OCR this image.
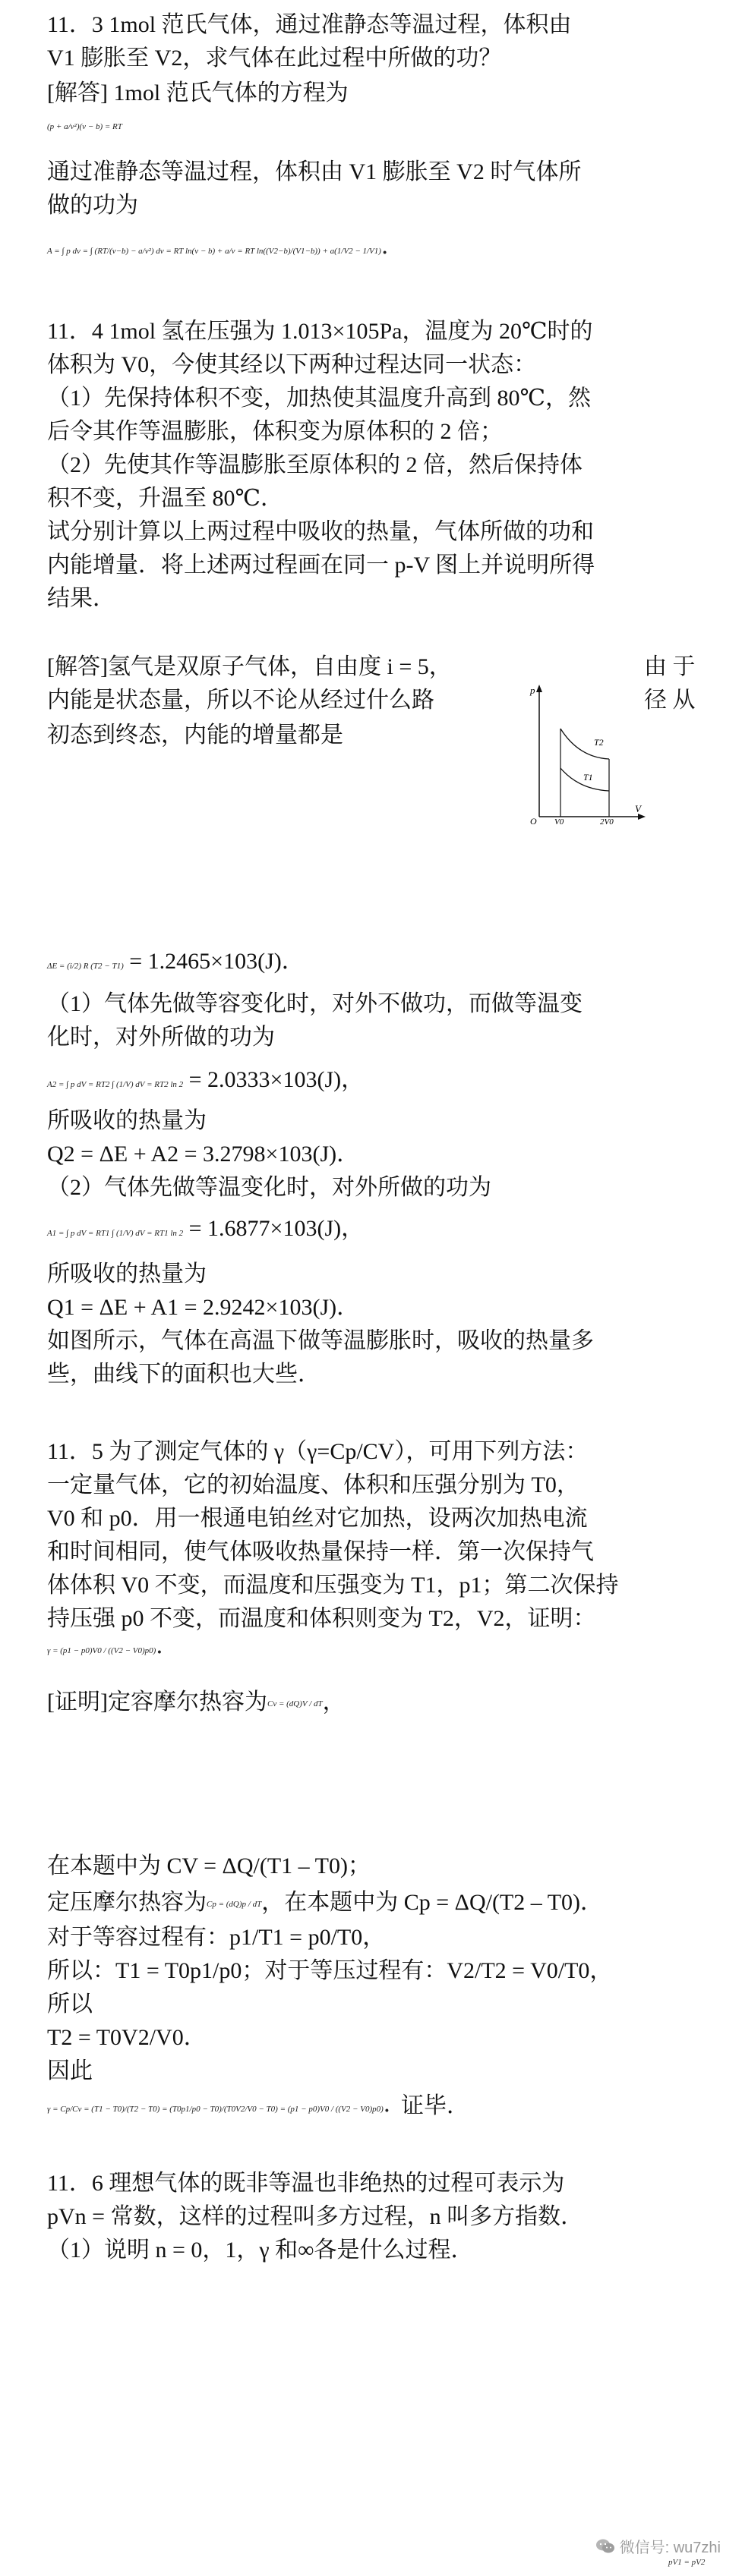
11．3 1mol 范氏气体，通过准静态等温过程，体积由

V1 膨胀至 V2，求气体在此过程中所做的功？

[解答] 1mol 范氏气体的方程为

(p + a/v²)(v − b) = RT

通过准静态等温过程，体积由 V1 膨胀至 V2 时气体所

做的功为

A = ∫ p dv = ∫ (RT/(v−b) − a/v²) dv = RT ln(v − b) + a/v = RT ln((V2−b)/(V1−b)) + a(1/V2 − 1/V1)．

11．4 1mol 氢在压强为 1.013×105Pa，温度为 20℃时的

体积为 V0，今使其经以下两种过程达同一状态：

（1）先保持体积不变，加热使其温度升高到 80℃，然

后令其作等温膨胀，体积变为原体积的 2 倍；

（2）先使其作等温膨胀至原体积的 2 倍，然后保持体

积不变，升温至 80℃．

试分别计算以上两过程中吸收的热量，气体所做的功和

内能增量．将上述两过程画在同一 p-V 图上并说明所得

结果．

[解答]氢气是双原子气体，自由度 i = 5，	由 于

内能是状态量，所以不论从经过什么路	径 从

初态到终态，内能的增量都是

p
V
O
T2
T1
V0	2V0
ΔE = (i/2) R (T2 − T1) = 1.2465×103(J)．

（1）气体先做等容变化时，对外不做功，而做等温变

化时，对外所做的功为

A2 = ∫ p dV = RT2 ∫ (1/V) dV = RT2 ln 2 = 2.0333×103(J)，

所吸收的热量为

Q2 = ΔE + A2 = 3.2798×103(J)．

（2）气体先做等温变化时，对外所做的功为

A1 = ∫ p dV = RT1 ∫ (1/V) dV = RT1 ln 2 = 1.6877×103(J)，

所吸收的热量为

Q1 = ΔE + A1 = 2.9242×103(J)．

如图所示，气体在高温下做等温膨胀时，吸收的热量多

些，曲线下的面积也大些．

11．5 为了测定气体的 γ（γ=Cp/CV），可用下列方法：

一定量气体，它的初始温度、体积和压强分别为 T0，

V0 和 p0．用一根通电铂丝对它加热，设两次加热电流

和时间相同，使气体吸收热量保持一样．第一次保持气

体体积 V0 不变，而温度和压强变为 T1，p1；第二次保持

持压强 p0 不变，而温度和体积则变为 T2，V2，证明：

γ = (p1 − p0)V0 / ((V2 − V0)p0)．

[证明]定容摩尔热容为Cv = (dQ)V / dT，

在本题中为 CV = ΔQ/(T1 – T0)；

定压摩尔热容为Cp = (dQ)p / dT，在本题中为 Cp = ΔQ/(T2 – T0)．

对于等容过程有：p1/T1 = p0/T0，

所以：T1 = T0p1/p0；对于等压过程有：V2/T2 = V0/T0，

所以

T2 = T0V2/V0．

因此

γ = Cp/Cv = (T1 − T0)/(T2 − T0) = (T0p1/p0 − T0)/(T0V2/V0 − T0) = (p1 − p0)V0 / ((V2 − V0)p0)．

证毕．

11．6 理想气体的既非等温也非绝热的过程可表示为

pVn = 常数，这样的过程叫多方过程，n 叫多方指数．

（1）说明 n = 0，1，γ 和∞各是什么过程．

pV1 = pV2
微信号: wu7zhi
